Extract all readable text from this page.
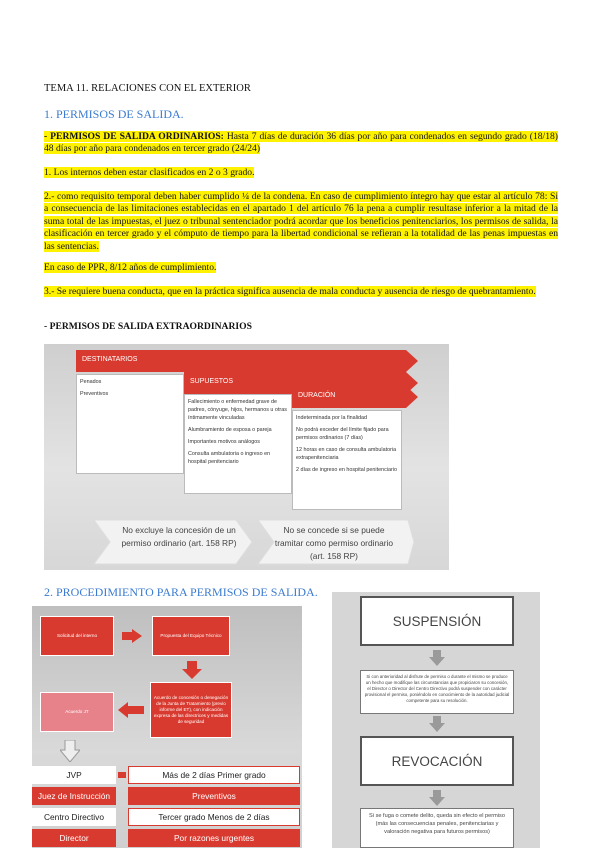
TEMA 11. RELACIONES CON EL EXTERIOR
1. PERMISOS DE SALIDA.
- PERMISOS DE SALIDA ORDINARIOS: Hasta 7 días de duración 36 días por año para condenados en segundo grado (18/18) 48 días por año para condenados en tercer grado (24/24)
1. Los internos deben estar clasificados en 2 o 3 grado.
2.- como requisito temporal deben haber cumplido ¼ de la condena. En caso de cumplimiento íntegro hay que estar al artículo 78: Si a consecuencia de las limitaciones establecidas en el apartado 1 del artículo 76 la pena a cumplir resultase inferior a la mitad de la suma total de las impuestas, el juez o tribunal sentenciador podrá acordar que los beneficios penitenciarios, los permisos de salida, la clasificación en tercer grado y el cómputo de tiempo para la libertad condicional se refieran a la totalidad de las penas impuestas en las sentencias.
En caso de PPR, 8/12 años de cumplimiento.
3.- Se requiere buena conducta, que en la práctica significa ausencia de mala conducta y ausencia de riesgo de quebrantamiento.
- PERMISOS DE SALIDA EXTRAORDINARIOS
DESTINATARIOS
Penados
Preventivos
SUPUESTOS
Fallecimiento o enfermedad grave de padres, cónyuge, hijos, hermanos u otras íntimamente vinculadas
Alumbramiento de esposa o pareja
Importantes motivos análogos
Consulta ambulatoria o ingreso en hospital penitenciario
DURACIÓN
Indeterminada por la finalidad
No podrá exceder del límite fijado para permisos ordinarios (7 días)
12 horas en caso de consulta ambulatoria extrapenitenciaria
2 días de ingreso en hospital penitenciario
No excluye la concesión de un permiso ordinario (art. 158 RP)
No se concede si se puede tramitar como permiso ordinario (art. 158 RP)
2. PROCEDIMIENTO PARA PERMISOS DE SALIDA.
Solicitud del interno	Propuesta del Equipo Técnico
Acuerdo de concesión o denegación de la Junta de Tratamiento (previo informe del ET), con indicación expresa de las directrices y medidas de seguridad
Acuerdo JT
JVP	Más de 2 días Primer grado
Juez de Instrucción	Preventivos
Centro Directivo	Tercer grado Menos de 2 días
Director	Por razones urgentes
SUSPENSIÓN
Si con anterioridad al disfrute de permiso o durante el mismo se produce un hecho que modifique las circunstancias que propiciaron su concesión, el Director o Director del Centro Directivo podrá suspender con carácter provisional el permiso, poniéndolo en conocimiento de la autoridad judicial competente para su resolución.
REVOCACIÓN
Si se fuga o comete delito, queda sin efecto el permiso (más las consecuencias penales, penitenciarias y valoración negativa para futuros permisos)
